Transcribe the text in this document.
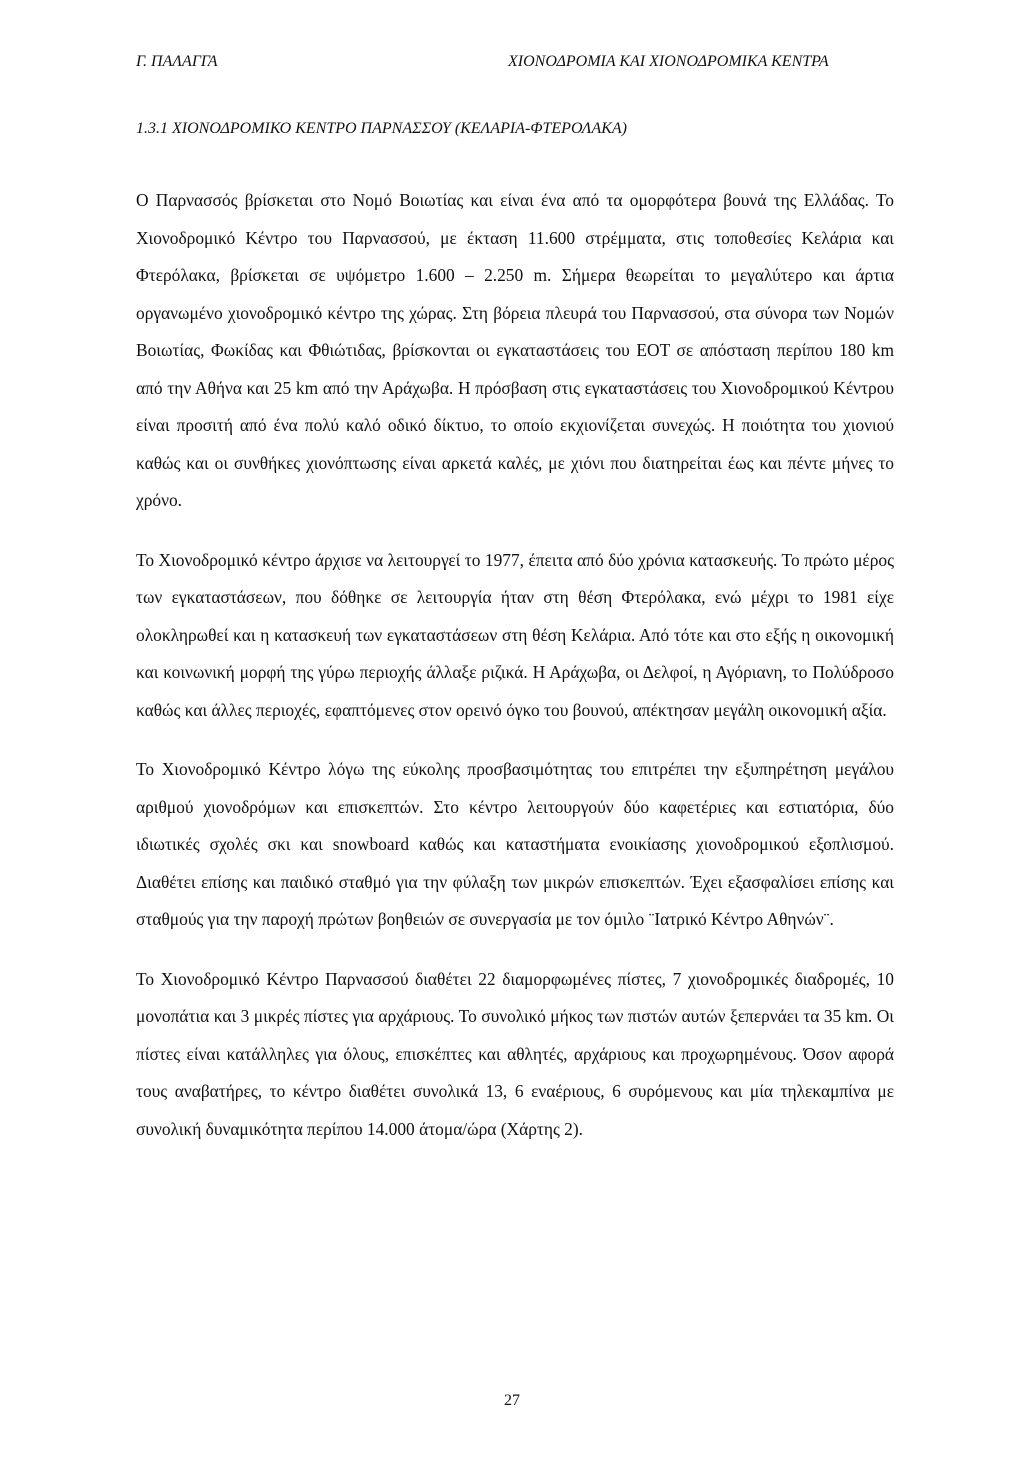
Γ. ΠΑΛΑΓΓΑ	ΧΙΟΝΟΔΡΟΜΙΑ ΚΑΙ ΧΙΟΝΟΔΡΟΜΙΚΑ ΚΕΝΤΡΑ
1.3.1 ΧΙΟΝΟΔΡΟΜΙΚΟ ΚΕΝΤΡΟ ΠΑΡΝΑΣΣΟΥ (ΚΕΛΑΡΙΑ-ΦΤΕΡΟΛΑΚΑ)

Ο Παρνασσός βρίσκεται στο Νομό Βοιωτίας και είναι ένα από τα ομορφότερα βουνά της Ελλάδας. Το Χιονοδρομικό Κέντρο του Παρνασσού, με έκταση 11.600 στρέμματα, στις τοποθεσίες Κελάρια και Φτερόλακα, βρίσκεται σε υψόμετρο 1.600 – 2.250 m. Σήμερα θεωρείται το μεγαλύτερο και άρτια οργανωμένο χιονοδρομικό κέντρο της χώρας. Στη βόρεια πλευρά του Παρνασσού, στα σύνορα των Νομών Βοιωτίας, Φωκίδας και Φθιώτιδας, βρίσκονται οι εγκαταστάσεις του ΕΟΤ σε απόσταση περίπου 180 km από την Αθήνα και 25 km από την Αράχωβα. Η πρόσβαση στις εγκαταστάσεις του Χιονοδρομικού Κέντρου είναι προσιτή από ένα πολύ καλό οδικό δίκτυο, το οποίο εκχιονίζεται συνεχώς. Η ποιότητα του χιονιού καθώς και οι συνθήκες χιονόπτωσης είναι αρκετά καλές, με χιόνι που διατηρείται έως και πέντε μήνες το χρόνο.

Το Χιονοδρομικό κέντρο άρχισε να λειτουργεί το 1977, έπειτα από δύο χρόνια κατασκευής. Το πρώτο μέρος των εγκαταστάσεων, που δόθηκε σε λειτουργία ήταν στη θέση Φτερόλακα, ενώ μέχρι το 1981 είχε ολοκληρωθεί και η κατασκευή των εγκαταστάσεων στη θέση Κελάρια. Από τότε και στο εξής η οικονομική και κοινωνική μορφή της γύρω περιοχής άλλαξε ριζικά. Η Αράχωβα, οι Δελφοί, η Αγόριανη, το Πολύδροσο καθώς και άλλες περιοχές, εφαπτόμενες στον ορεινό όγκο του βουνού, απέκτησαν μεγάλη οικονομική αξία.

Το Χιονοδρομικό Κέντρο λόγω της εύκολης προσβασιμότητας του επιτρέπει την εξυπηρέτηση μεγάλου αριθμού χιονοδρόμων και επισκεπτών. Στο κέντρο λειτουργούν δύο καφετέριες και εστιατόρια, δύο ιδιωτικές σχολές σκι και snowboard καθώς και καταστήματα ενοικίασης χιονοδρομικού εξοπλισμού. Διαθέτει επίσης και παιδικό σταθμό για την φύλαξη των μικρών επισκεπτών. Έχει εξασφαλίσει επίσης και σταθμούς για την παροχή πρώτων βοηθειών σε συνεργασία με τον όμιλο ¨Ιατρικό Κέντρο Αθηνών¨.

Το Χιονοδρομικό Κέντρο Παρνασσού διαθέτει 22 διαμορφωμένες πίστες, 7 χιονοδρομικές διαδρομές, 10 μονοπάτια και 3 μικρές πίστες για αρχάριους. Το συνολικό μήκος των πιστών αυτών ξεπερνάει τα 35 km. Οι πίστες είναι κατάλληλες για όλους, επισκέπτες και αθλητές, αρχάριους και προχωρημένους. Όσον αφορά τους αναβατήρες, το κέντρο διαθέτει συνολικά 13, 6 εναέριους, 6 συρόμενους και μία τηλεκαμπίνα με συνολική δυναμικότητα περίπου 14.000 άτομα/ώρα (Χάρτης 2).

27
